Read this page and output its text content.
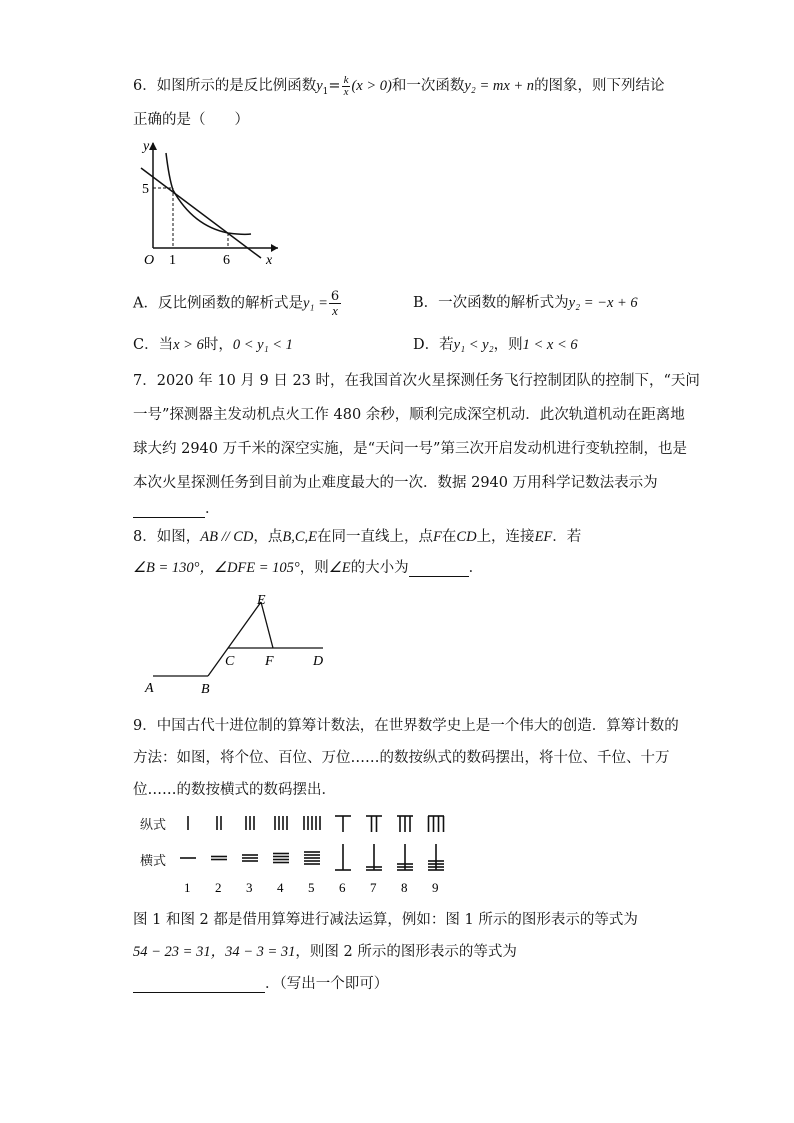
6．如图所示的是反比例函数$y_1= \frac{k}{x} (x > 0)$和一次函数y₂ = mx + n的图象，则下列结论
正确的是（　　）
y
x
O
5
1	6
A．反比例函数的解析式是$y_1 = \frac{6}{x}$	B．一次函数的解析式为y₂ = −x + 6
C．当x > 6时，0 < y₁ < 1	D．若y₁ < y₂，则1 < x < 6
7．2020 年 10 月 9 日 23 时，在我国首次火星探测任务飞行控制团队的控制下，“天问
一号”探测器主发动机点火工作 480 余秒，顺利完成深空机动．此次轨道机动在距离地
球大约 2940 万千米的深空实施，是“天问一号”第三次开启发动机进行变轨控制，也是
本次火星探测任务到目前为止难度最大的一次．数据 2940 万用科学记数法表示为
．
8．如图，AB // CD，点B,C,E在同一直线上，点F在CD上，连接EF．若
∠B = 130°，∠DFE = 105°，则∠E的大小为	．
A	B
C	D
E
F
9．中国古代十进位制的算筹计数法，在世界数学史上是一个伟大的创造．算筹计数的
方法：如图，将个位、百位、万位……的数按纵式的数码摆出，将十位、千位、十万
位……的数按横式的数码摆出．
纵式
横式
1 2 3 4 5 6 7 8 9
图 1 和图 2 都是借用算筹进行减法运算，例如：图 1 所示的图形表示的等式为
54 − 23 = 31，34 − 3 = 31，则图 2 所示的图形表示的等式为
．（写出一个即可）
